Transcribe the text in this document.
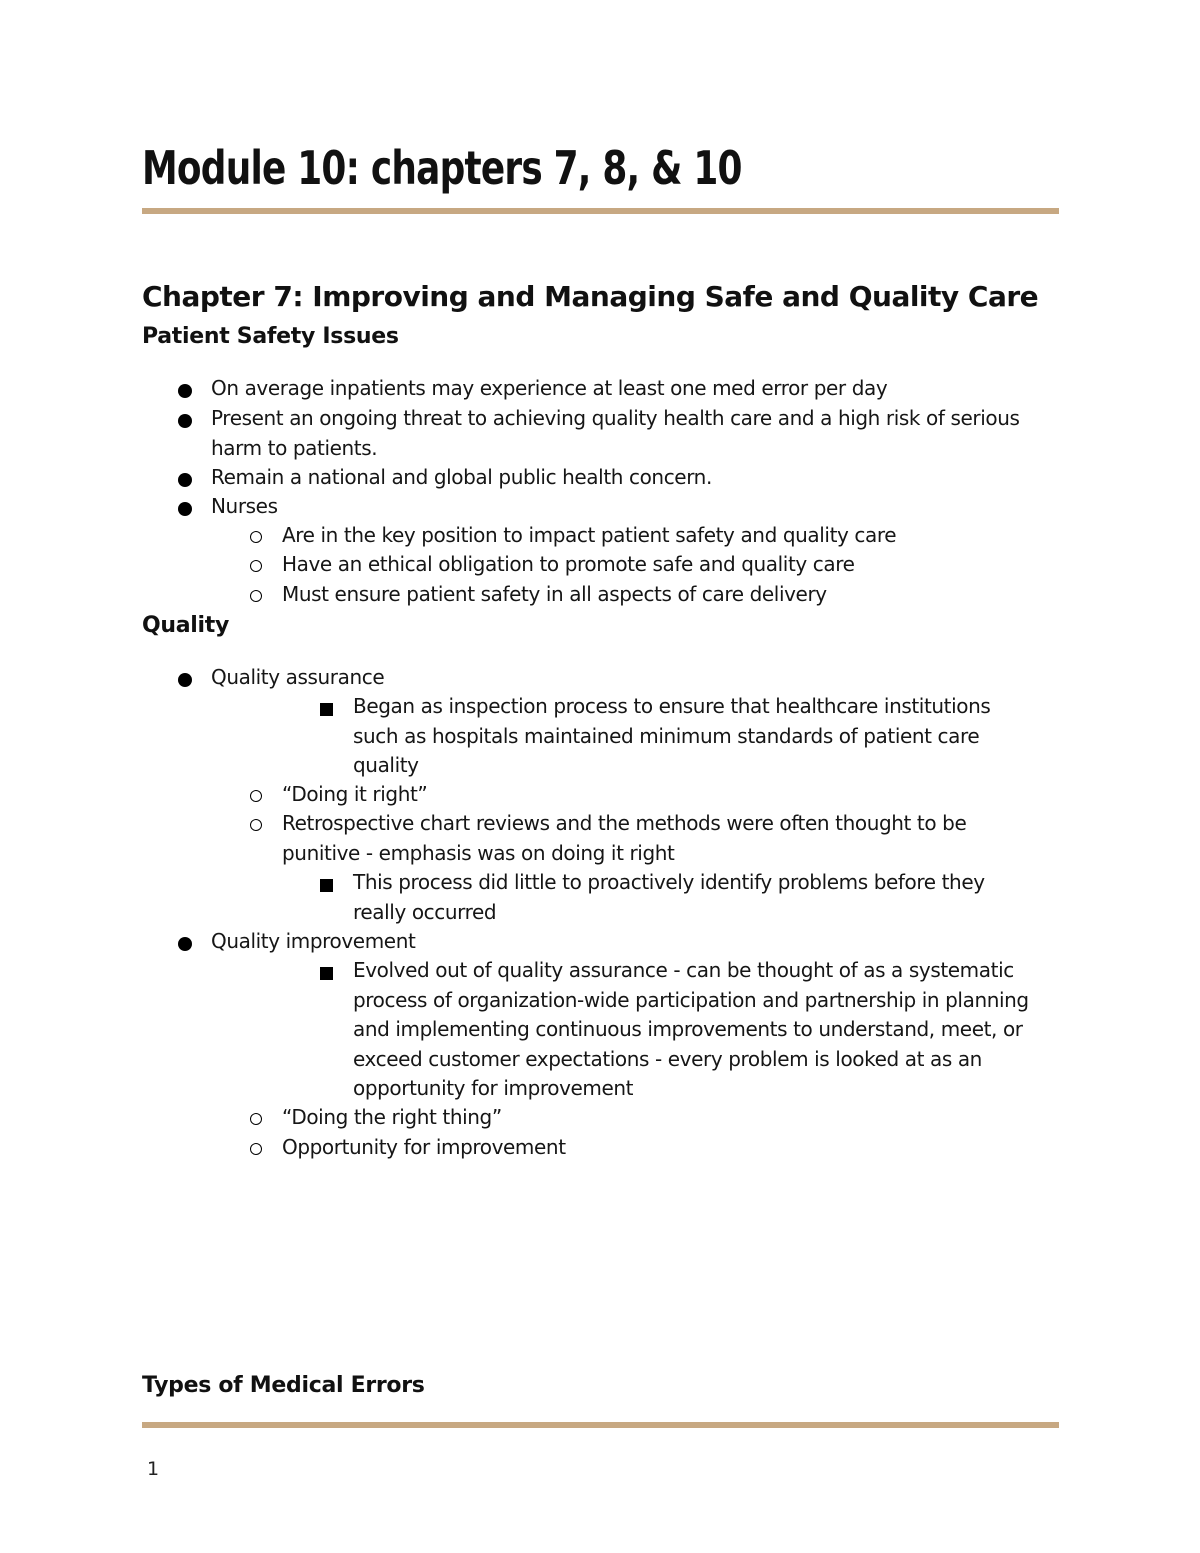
Module 10: chapters 7, 8, & 10
Chapter 7: Improving and Managing Safe and Quality Care
Patient Safety Issues
On average inpatients may experience at least one med error per day
Present an ongoing threat to achieving quality health care and a high risk of serious harm to patients.
Remain a national and global public health concern.
Nurses
Are in the key position to impact patient safety and quality care
Have an ethical obligation to promote safe and quality care
Must ensure patient safety in all aspects of care delivery
Quality
Quality assurance
Began as inspection process to ensure that healthcare institutions such as hospitals maintained minimum standards of patient care quality
“Doing it right”
Retrospective chart reviews and the methods were often thought to be punitive - emphasis was on doing it right
This process did little to proactively identify problems before they really occurred
Quality improvement
Evolved out of quality assurance - can be thought of as a systematic process of organization-wide participation and partnership in planning and implementing continuous improvements to understand, meet, or exceed customer expectations - every problem is looked at as an opportunity for improvement
“Doing the right thing”
Opportunity for improvement
Types of Medical Errors
1
